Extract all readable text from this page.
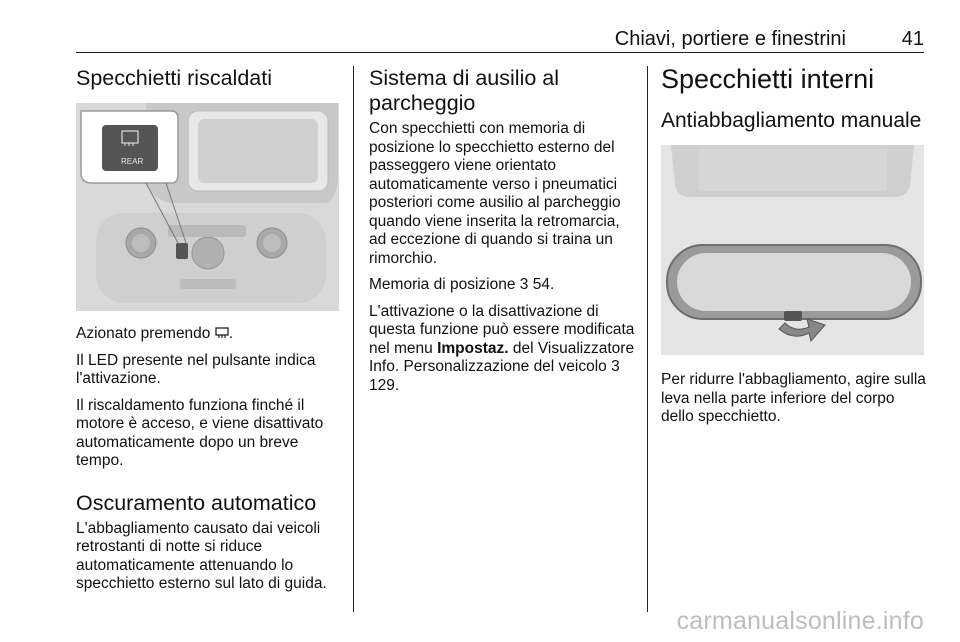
Chiavi, portiere e finestrini	41
Specchietti riscaldati
REAR

Azionato premendo .

Il LED presente nel pulsante indica l'attivazione.

Il riscaldamento funziona finché il motore è acceso, e viene disattivato automaticamente dopo un breve tempo.

Oscuramento automatico

L'abbagliamento causato dai veicoli retrostanti di notte si riduce automaticamente attenuando lo specchietto esterno sul lato di guida.

Sistema di ausilio al parcheggio

Con specchietti con memoria di posizione lo specchietto esterno del passeggero viene orientato automaticamente verso i pneumatici posteriori come ausilio al parcheggio quando viene inserita la retromarcia, ad eccezione di quando si traina un rimorchio.

Memoria di posizione 3 54.

L'attivazione o la disattivazione di questa funzione può essere modificata nel menu Impostaz. del Visualizzatore Info. Personalizzazione del veicolo 3 129.

Specchietti interni
Antiabbagliamento manuale

Per ridurre l'abbagliamento, agire sulla leva nella parte inferiore del corpo dello specchietto.

carmanualsonline.info
